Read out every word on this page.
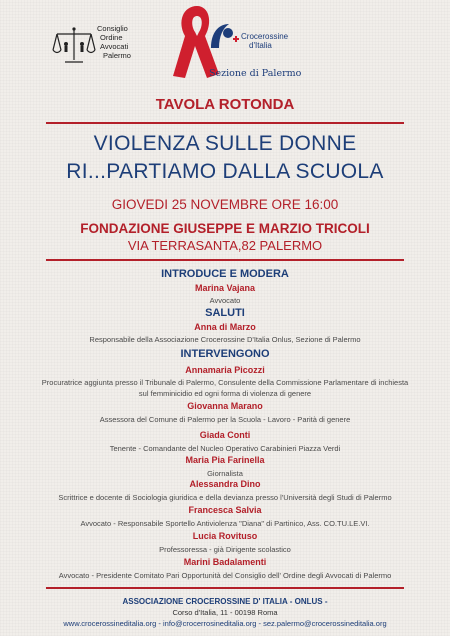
Consiglio
Ordine
Avvocati
Palermo
Crocerossine
d'Italia
Sezione di Palermo
TAVOLA ROTONDA
VIOLENZA SULLE DONNE
RI...PARTIAMO DALLA SCUOLA
GIOVEDI 25 NOVEMBRE ORE 16:00
FONDAZIONE GIUSEPPE E MARZIO TRICOLI
VIA TERRASANTA,82 PALERMO
INTRODUCE E MODERA
Marina Vajana
Avvocato
SALUTI
Anna di Marzo
Responsabile della Associazione Crocerossine D'Italia Onlus, Sezione di Palermo
INTERVENGONO
Annamaria Picozzi
Procuratrice aggiunta presso il Tribunale di Palermo, Consulente della Commissione Parlamentare di inchiesta
sul femminicidio ed ogni forma di violenza di genere
Giovanna Marano
Assessora del Comune di Palermo per la Scuola - Lavoro - Parità di genere
Giada Conti
Tenente - Comandante del Nucleo Operativo Carabinieri Piazza Verdi
Maria Pia Farinella
Giornalista
Alessandra Dino
Scrittrice e docente di Sociologia giuridica e della devianza presso l'Università degli Studi di Palermo
Francesca Salvia
Avvocato - Responsabile Sportello Antiviolenza "Diana" di Partinico, Ass. CO.TU.LE.VI.
Lucia Rovituso
Professoressa - già Dirigente scolastico
Marini Badalamenti
Avvocato - Presidente Comitato Pari Opportunità del Consiglio dell' Ordine degli Avvocati di Palermo
ASSOCIAZIONE CROCEROSSINE D' ITALIA - ONLUS -
Corso d'Italia, 11 - 00198 Roma
www.crocerossineditalia.org - info@crocerrosineditalia.org - sez.palermo@crocerossineditalia.org
